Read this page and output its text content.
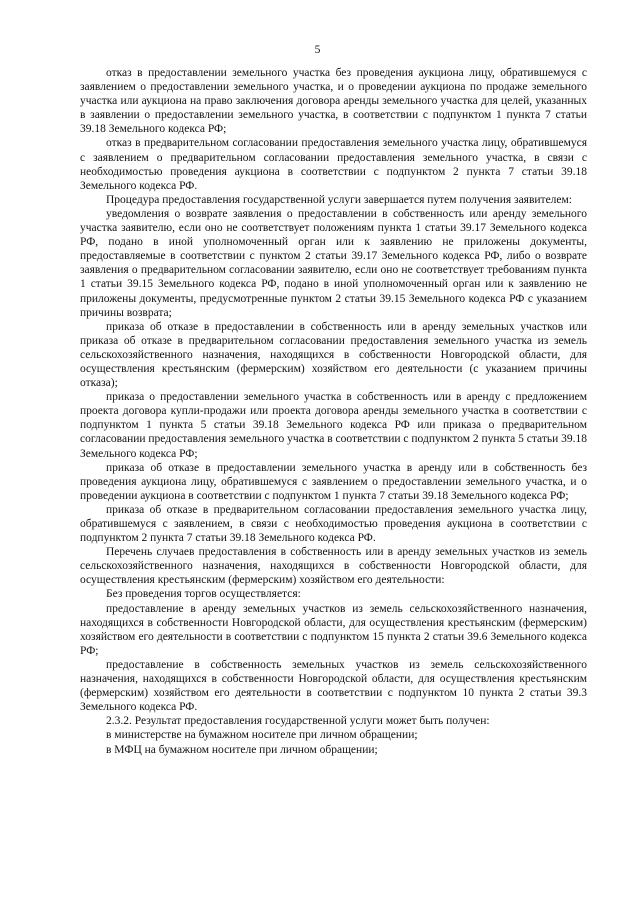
5

отказ в предоставлении земельного участка без проведения аукциона лицу, обратившемуся с заявлением о предоставлении земельного участка, и о проведении аукциона по продаже земельного участка или аукциона на право заключения договора аренды земельного участка для целей, указанных в заявлении о предоставлении земельного участка, в соответствии с подпунктом 1 пункта 7 статьи 39.18 Земельного кодекса РФ;

отказ в предварительном согласовании предоставления земельного участка лицу, обратившемуся с заявлением о предварительном согласовании предоставления земельного участка, в связи с необходимостью проведения аукциона в соответствии с подпунктом 2 пункта 7 статьи 39.18 Земельного кодекса РФ.

Процедура предоставления государственной услуги завершается путем получения заявителем:

уведомления о возврате заявления о предоставлении в собственность или аренду земельного участка заявителю, если оно не соответствует положениям пункта 1 статьи 39.17 Земельного кодекса РФ, подано в иной уполномоченный орган или к заявлению не приложены документы, предоставляемые в соответствии с пунктом 2 статьи 39.17 Земельного кодекса РФ, либо о возврате заявления о предварительном согласовании заявителю, если оно не соответствует требованиям пункта 1 статьи 39.15 Земельного кодекса РФ, подано в иной уполномоченный орган или к заявлению не приложены документы, предусмотренные пунктом 2 статьи 39.15 Земельного кодекса РФ с указанием причины возврата;

приказа об отказе в предоставлении в собственность или в аренду земельных участков или приказа об отказе в предварительном согласовании предоставления земельного участка из земель сельскохозяйственного назначения, находящихся в собственности Новгородской области, для осуществления крестьянским (фермерским) хозяйством его деятельности (с указанием причины отказа);

приказа о предоставлении земельного участка в собственность или в аренду с предложением проекта договора купли-продажи или проекта договора аренды земельного участка в соответствии с подпунктом 1 пункта 5 статьи 39.18 Земельного кодекса РФ или приказа о предварительном согласовании предоставления земельного участка в соответствии с подпунктом 2 пункта 5 статьи 39.18 Земельного кодекса РФ;

приказа об отказе в предоставлении земельного участка в аренду или в собственность без проведения аукциона лицу, обратившемуся с заявлением о предоставлении земельного участка, и о проведении аукциона в соответствии с подпунктом 1 пункта 7 статьи 39.18 Земельного кодекса РФ;

приказа об отказе в предварительном согласовании предоставления земельного участка лицу, обратившемуся с заявлением, в связи с необходимостью проведения аукциона в соответствии с подпунктом 2 пункта 7 статьи 39.18 Земельного кодекса РФ.

Перечень случаев предоставления в собственность или в аренду земельных участков из земель сельскохозяйственного назначения, находящихся в собственности Новгородской области, для осуществления крестьянским (фермерским) хозяйством его деятельности:

Без проведения торгов осуществляется:

предоставление в аренду земельных участков из земель сельскохозяйственного назначения, находящихся в собственности Новгородской области, для осуществления крестьянским (фермерским) хозяйством его деятельности в соответствии с подпунктом 15 пункта 2 статьи 39.6 Земельного кодекса РФ;

предоставление в собственность земельных участков из земель сельскохозяйственного назначения, находящихся в собственности Новгородской области, для осуществления крестьянским (фермерским) хозяйством его деятельности в соответствии с подпунктом 10 пункта 2 статьи 39.3 Земельного кодекса РФ.

2.3.2. Результат предоставления государственной услуги может быть получен:

в министерстве на бумажном носителе при личном обращении;

в МФЦ на бумажном носителе при личном обращении;
